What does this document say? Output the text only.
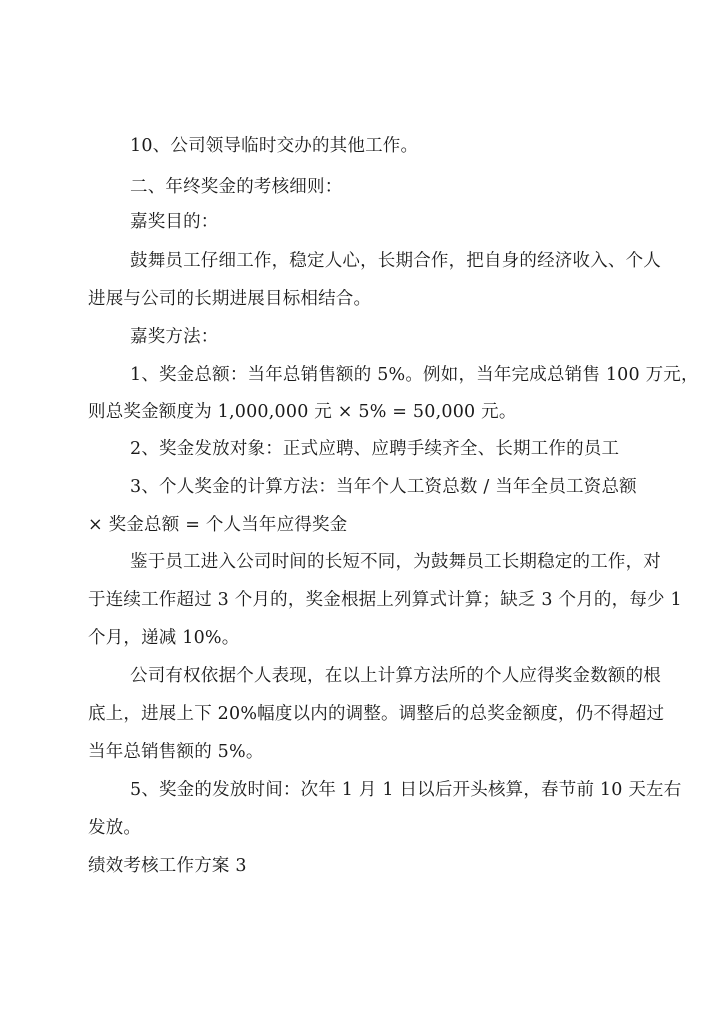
10、公司领导临时交办的其他工作。
二、年终奖金的考核细则：
嘉奖目的：
鼓舞员工仔细工作，稳定人心，长期合作，把自身的经济收入、个人
进展与公司的长期进展目标相结合。
嘉奖方法：
1、奖金总额：当年总销售额的 5%。例如，当年完成总销售 100 万元，
则总奖金额度为 1,000,000 元 × 5% = 50,000 元。
2、奖金发放对象：正式应聘、应聘手续齐全、长期工作的员工
3、个人奖金的计算方法：当年个人工资总数 / 当年全员工资总额
× 奖金总额 = 个人当年应得奖金
鉴于员工进入公司时间的长短不同，为鼓舞员工长期稳定的工作，对
于连续工作超过 3 个月的，奖金根据上列算式计算；缺乏 3 个月的，每少 1
个月，递减 10%。
公司有权依据个人表现，在以上计算方法所的个人应得奖金数额的根
底上，进展上下 20%幅度以内的调整。调整后的总奖金额度，仍不得超过
当年总销售额的 5%。
5、奖金的发放时间：次年 1 月 1 日以后开头核算，春节前 10 天左右
发放。
绩效考核工作方案 3
